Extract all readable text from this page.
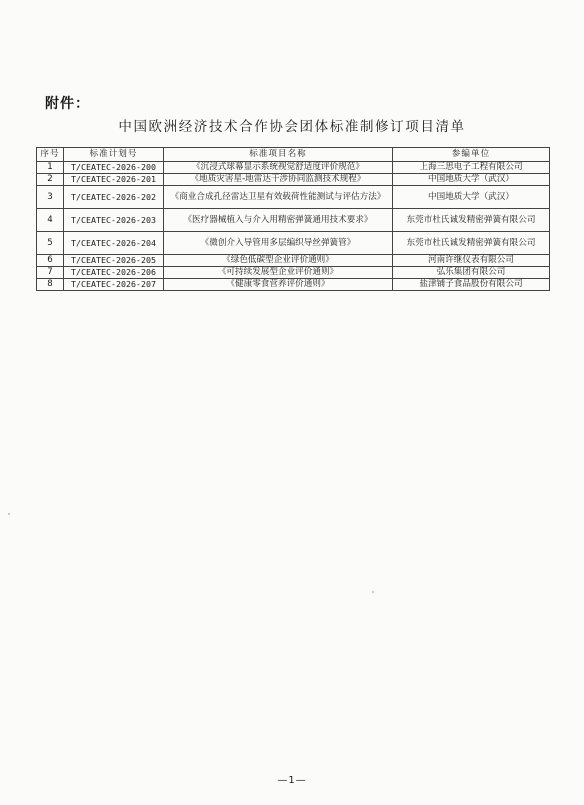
附件：
中国欧洲经济技术合作协会团体标准制修订项目清单
序号	标准计划号	标准项目名称	参编单位
1	T/CEATEC-2026-200	《沉浸式球幕显示系统视觉舒适度评价规范》	上海三思电子工程有限公司
2	T/CEATEC-2026-201	《地质灾害星-地雷达干涉协同监测技术规程》	中国地质大学（武汉）
3	T/CEATEC-2026-202	《商业合成孔径雷达卫星有效载荷性能测试与评估方法》	中国地质大学（武汉）
4	T/CEATEC-2026-203	《医疗器械植入与介入用精密弹簧通用技术要求》	东莞市杜氏诚发精密弹簧有限公司
5	T/CEATEC-2026-204	《微创介入导管用多层编织导丝弹簧管》	东莞市杜氏诚发精密弹簧有限公司
6	T/CEATEC-2026-205	《绿色低碳型企业评价通则》	河南许继仪表有限公司
7	T/CEATEC-2026-206	《可持续发展型企业评价通则》	弘乐集团有限公司
8	T/CEATEC-2026-207	《健康零食营养评价通则》	盐津铺子食品股份有限公司
—1—
